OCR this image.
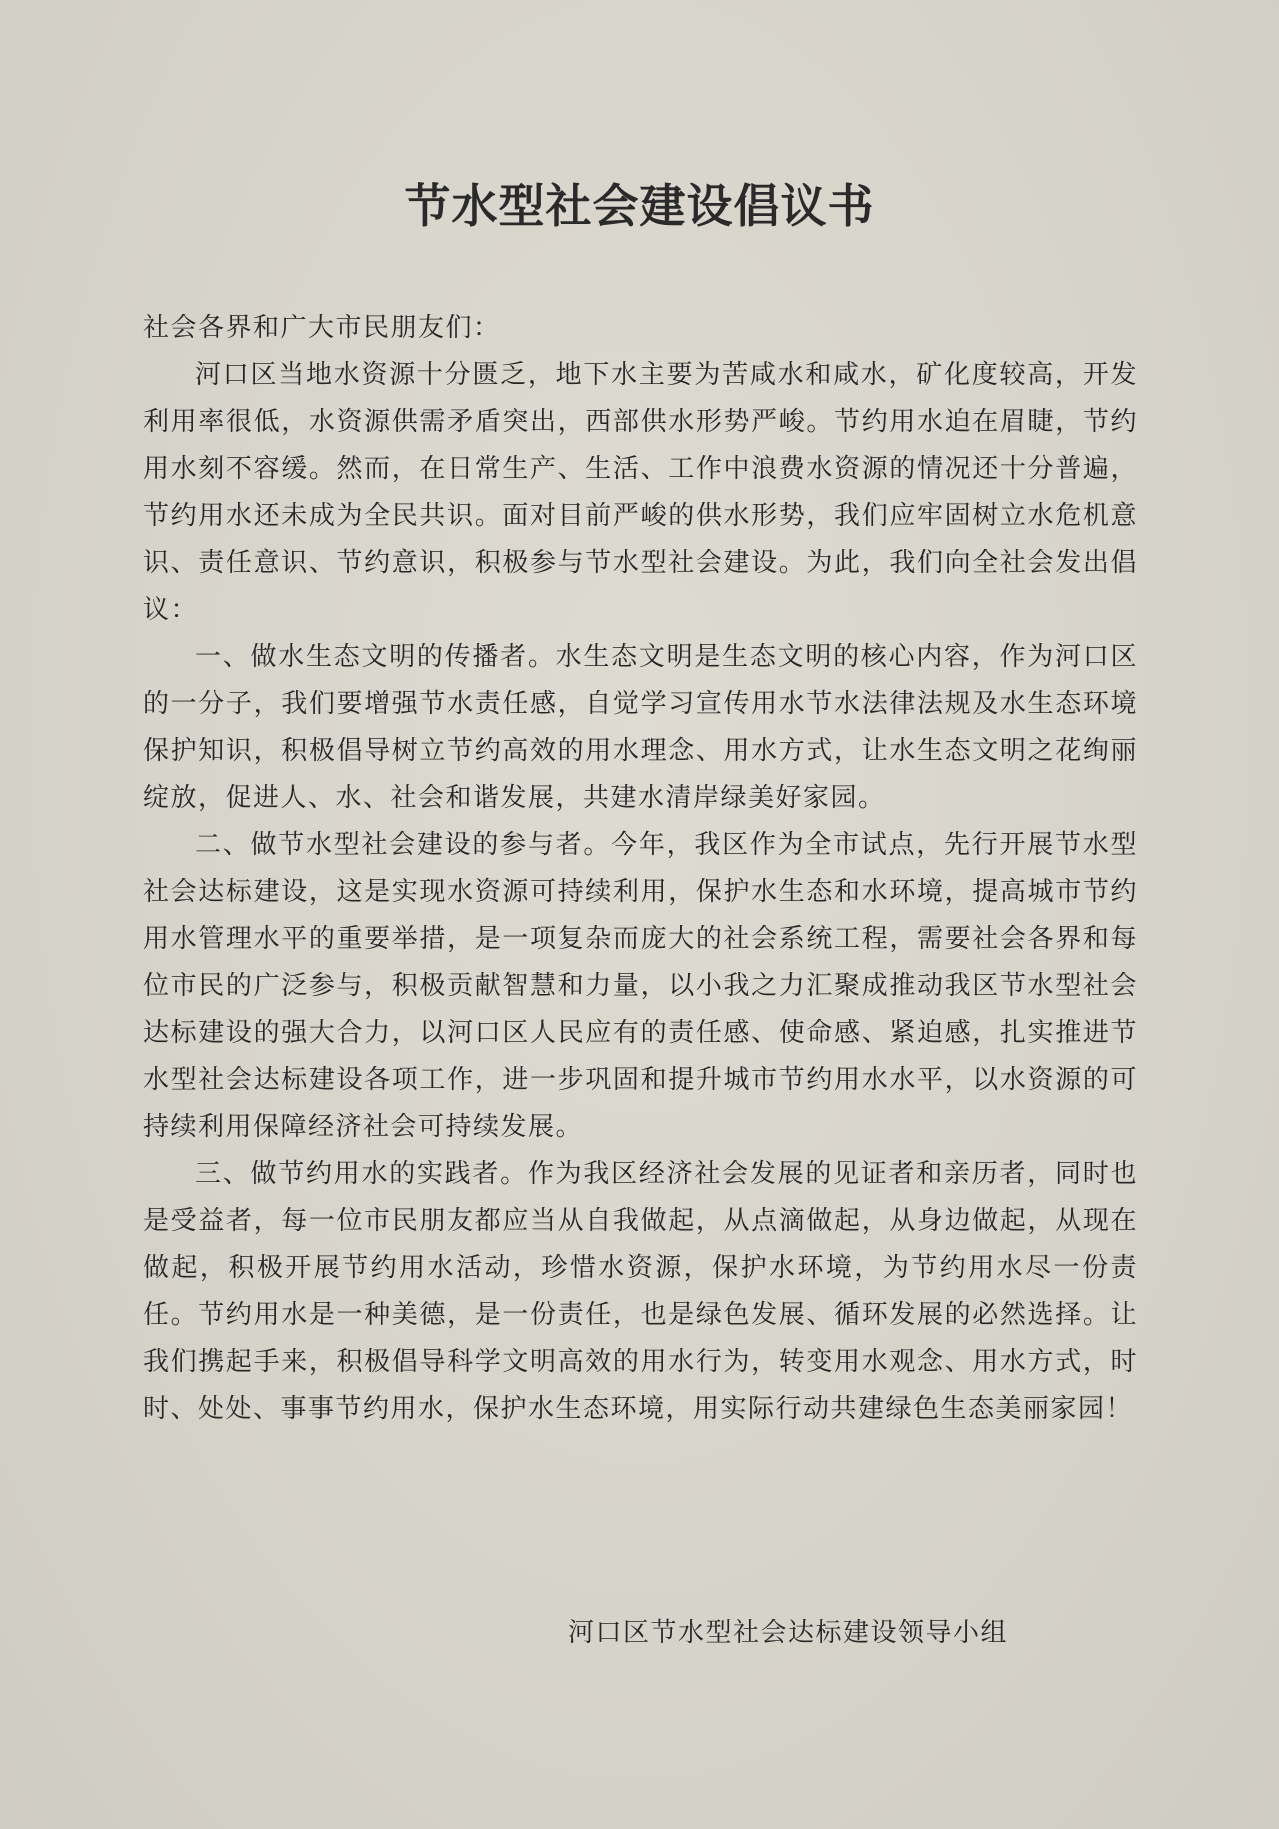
节水型社会建设倡议书

社会各界和广大市民朋友们：

河口区当地水资源十分匮乏，地下水主要为苦咸水和咸水，矿化度较高，开发利用率很低，水资源供需矛盾突出，西部供水形势严峻。节约用水迫在眉睫，节约用水刻不容缓。然而，在日常生产、生活、工作中浪费水资源的情况还十分普遍，节约用水还未成为全民共识。面对目前严峻的供水形势，我们应牢固树立水危机意识、责任意识、节约意识，积极参与节水型社会建设。为此，我们向全社会发出倡议：

一、做水生态文明的传播者。水生态文明是生态文明的核心内容，作为河口区的一分子，我们要增强节水责任感，自觉学习宣传用水节水法律法规及水生态环境保护知识，积极倡导树立节约高效的用水理念、用水方式，让水生态文明之花绚丽绽放，促进人、水、社会和谐发展，共建水清岸绿美好家园。

二、做节水型社会建设的参与者。今年，我区作为全市试点，先行开展节水型社会达标建设，这是实现水资源可持续利用，保护水生态和水环境，提高城市节约用水管理水平的重要举措，是一项复杂而庞大的社会系统工程，需要社会各界和每位市民的广泛参与，积极贡献智慧和力量，以小我之力汇聚成推动我区节水型社会达标建设的强大合力，以河口区人民应有的责任感、使命感、紧迫感，扎实推进节水型社会达标建设各项工作，进一步巩固和提升城市节约用水水平，以水资源的可持续利用保障经济社会可持续发展。

三、做节约用水的实践者。作为我区经济社会发展的见证者和亲历者，同时也是受益者，每一位市民朋友都应当从自我做起，从点滴做起，从身边做起，从现在做起，积极开展节约用水活动，珍惜水资源，保护水环境，为节约用水尽一份责任。节约用水是一种美德，是一份责任，也是绿色发展、循环发展的必然选择。让我们携起手来，积极倡导科学文明高效的用水行为，转变用水观念、用水方式，时时、处处、事事节约用水，保护水生态环境，用实际行动共建绿色生态美丽家园！

河口区节水型社会达标建设领导小组
